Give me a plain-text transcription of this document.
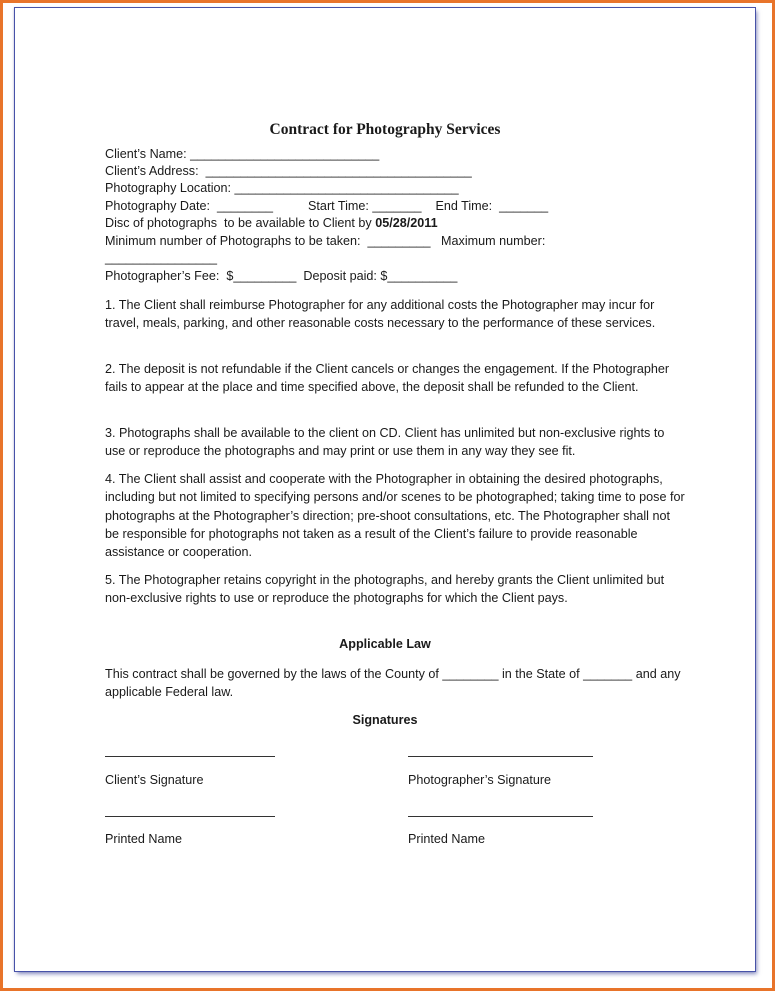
Contract for Photography Services
Client’s Name: ___________________________
Client’s Address:  ______________________________________
Photography Location: ________________________________
Photography Date:  ________          Start Time: _______    End Time:  _______
Disc of photographs  to be available to Client by 05/28/2011
Minimum number of Photographs to be taken:  _________   Maximum number:
________________
Photographer’s Fee:  $_________  Deposit paid: $__________
1. The Client shall reimburse Photographer for any additional costs the Photographer may incur for travel, meals, parking, and other reasonable costs necessary to the performance of these services.
2. The deposit is not refundable if the Client cancels or changes the engagement. If the Photographer fails to appear at the place and time specified above, the deposit shall be refunded to the Client.
3. Photographs shall be available to the client on CD. Client has unlimited but non-exclusive rights to use or reproduce the photographs and may print or use them in any way they see fit.
4. The Client shall assist and cooperate with the Photographer in obtaining the desired photographs, including but not limited to specifying persons and/or scenes to be photographed; taking time to pose for photographs at the Photographer’s direction; pre-shoot consultations, etc. The Photographer shall not be responsible for photographs not taken as a result of the Client’s failure to provide reasonable assistance or cooperation.
5. The Photographer retains copyright in the photographs, and hereby grants the Client unlimited but non-exclusive rights to use or reproduce the photographs for which the Client pays.
Applicable Law
This contract shall be governed by the laws of the County of ________ in the State of _______ and any applicable Federal law.
Signatures
Client’s Signature	Photographer’s Signature
Printed Name	Printed Name
